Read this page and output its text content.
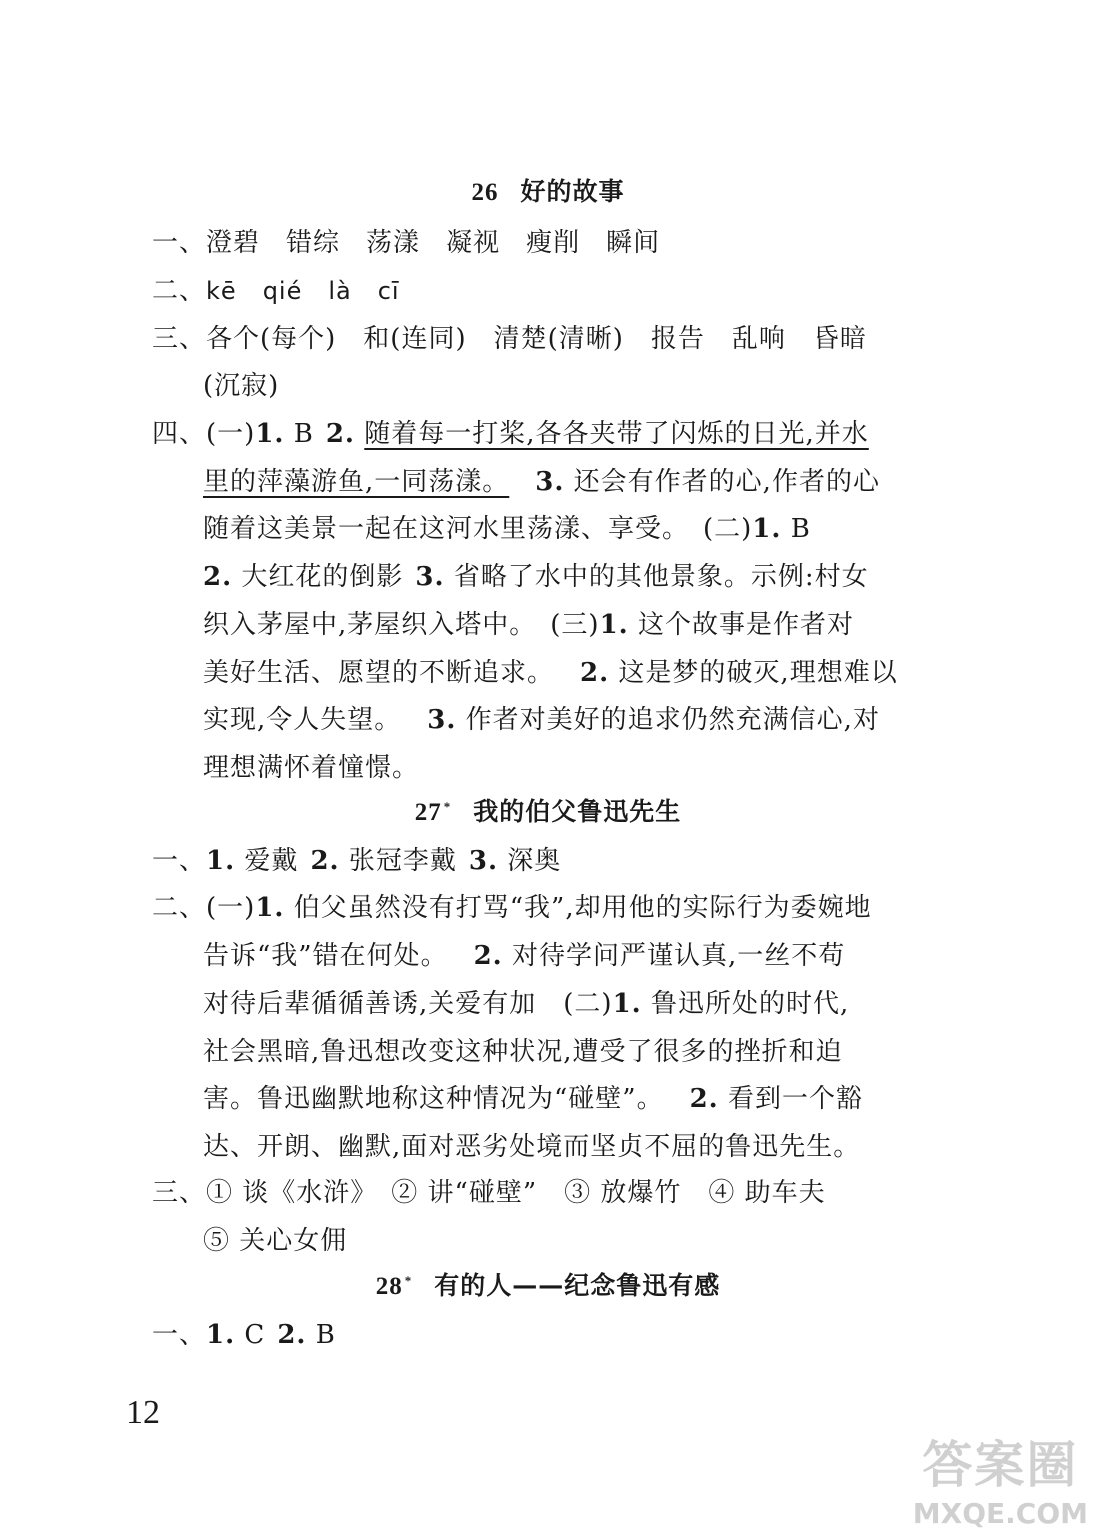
26 好的故事
一、澄碧 错综 荡漾 凝视 瘦削 瞬间
二、kē qié là cī
三、各个(每个)　和(连同)　清楚(清晰)　报告　乱响　昏暗
(沉寂)
四、(一)1. B 2. 随着每一打桨,各各夹带了闪烁的日光,并水
里的萍藻游鱼,一同荡漾。 3. 还会有作者的心,作者的心
随着这美景一起在这河水里荡漾、享受。　(二)1. B
2. 大红花的倒影 3. 省略了水中的其他景象。示例:村女
织入茅屋中,茅屋织入塔中。　(三)1. 这个故事是作者对
美好生活、愿望的不断追求。 2. 这是梦的破灭,理想难以
实现,令人失望。 3. 作者对美好的追求仍然充满信心,对
理想满怀着憧憬。
27 * 我的伯父鲁迅先生
一、1. 爱戴 2. 张冠李戴 3. 深奥
二、(一)1. 伯父虽然没有打骂“我”,却用他的实际行为委婉地
告诉“我”错在何处。 2. 对待学问严谨认真,一丝不苟
对待后辈循循善诱,关爱有加　(二)1. 鲁迅所处的时代,
社会黑暗,鲁迅想改变这种状况,遭受了很多的挫折和迫
害。鲁迅幽默地称这种情况为“碰壁”。 2. 看到一个豁
达、开朗、幽默,面对恶劣处境而坚贞不屈的鲁迅先生。
三、① 谈《水浒》　② 讲“碰壁”　③ 放爆竹　④ 助车夫
⑤ 关心女佣
28 * 有的人——纪念鲁迅有感
一、1. C 2. B
12
答案圈
MXQE.COM
